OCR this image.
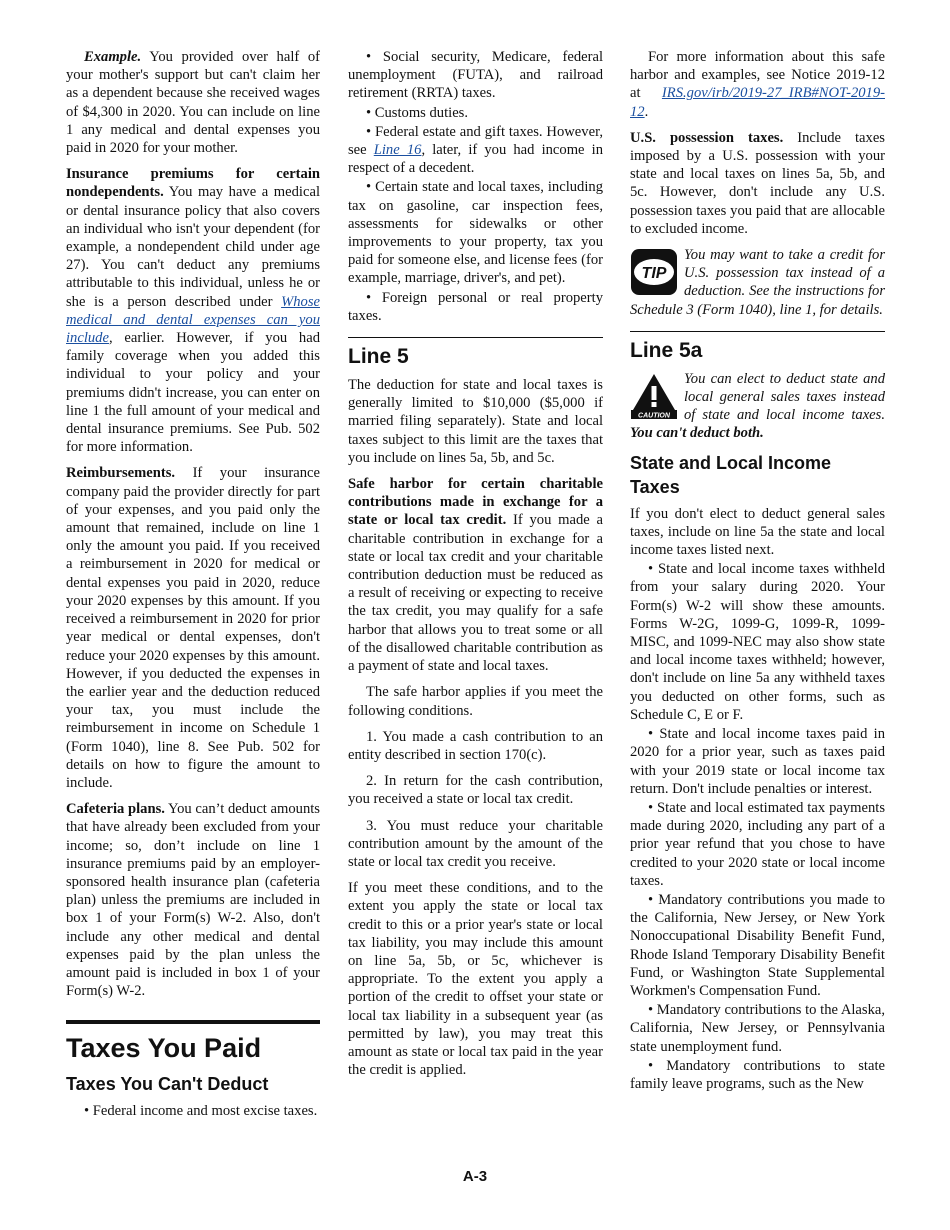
Example. You provided over half of your mother's support but can't claim her as a dependent because she received wages of $4,300 in 2020. You can include on line 1 any medical and dental expenses you paid in 2020 for your mother.

Insurance premiums for certain nondependents. You may have a medical or dental insurance policy that also covers an individual who isn't your dependent (for example, a nondependent child under age 27). You can't deduct any premiums attributable to this individual, unless he or she is a person described under Whose medical and dental expenses can you include, earlier. However, if you had family coverage when you added this individual to your policy and your premiums didn't increase, you can enter on line 1 the full amount of your medical and dental insurance premiums. See Pub. 502 for more information.

Reimbursements. If your insurance company paid the provider directly for part of your expenses, and you paid only the amount that remained, include on line 1 only the amount you paid. If you received a reimbursement in 2020 for medical or dental expenses you paid in 2020, reduce your 2020 expenses by this amount. If you received a reimbursement in 2020 for prior year medical or dental expenses, don't reduce your 2020 expenses by this amount. However, if you deducted the expenses in the earlier year and the deduction reduced your tax, you must include the reimbursement in income on Schedule 1 (Form 1040), line 8. See Pub. 502 for details on how to figure the amount to include.

Cafeteria plans. You can’t deduct amounts that have already been excluded from your income; so, don’t include on line 1 insurance premiums paid by an employer-sponsored health insurance plan (cafeteria plan) unless the premiums are included in box 1 of your Form(s) W-2. Also, don't include any other medical and dental expenses paid by the plan unless the amount paid is included in box 1 of your Form(s) W-2.

Taxes You Paid
Taxes You Can't Deduct

• Federal income and most excise taxes.

• Social security, Medicare, federal unemployment (FUTA), and railroad retirement (RRTA) taxes.

• Customs duties.

• Federal estate and gift taxes. However, see Line 16, later, if you had income in respect of a decedent.

• Certain state and local taxes, including tax on gasoline, car inspection fees, assessments for sidewalks or other improvements to your property, tax you paid for someone else, and license fees (for example, marriage, driver's, and pet).

• Foreign personal or real property taxes.

Line 5

The deduction for state and local taxes is generally limited to $10,000 ($5,000 if married filing separately). State and local taxes subject to this limit are the taxes that you include on lines 5a, 5b, and 5c.

Safe harbor for certain charitable contributions made in exchange for a state or local tax credit. If you made a charitable contribution in exchange for a state or local tax credit and your charitable contribution deduction must be reduced as a result of receiving or expecting to receive the tax credit, you may qualify for a safe harbor that allows you to treat some or all of the disallowed charitable contribution as a payment of state and local taxes.

The safe harbor applies if you meet the following conditions.

1. You made a cash contribution to an entity described in section 170(c).

2. In return for the cash contribution, you received a state or local tax credit.

3. You must reduce your charitable contribution amount by the amount of the state or local tax credit you receive.

If you meet these conditions, and to the extent you apply the state or local tax credit to this or a prior year's state or local tax liability, you may include this amount on line 5a, 5b, or 5c, whichever is appropriate. To the extent you apply a portion of the credit to offset your state or local tax liability in a subsequent year (as permitted by law), you may treat this amount as state or local tax paid in the year the credit is applied.

For more information about this safe harbor and examples, see Notice 2019-12 at IRS.gov/irb/2019-27_IRB#NOT-2019-12.

U.S. possession taxes. Include taxes imposed by a U.S. possession with your state and local taxes on lines 5a, 5b, and 5c. However, don't include any U.S. possession taxes you paid that are allocable to excluded income.

TIP
You may want to take a credit for U.S. possession tax instead of a deduction. See the instructions for Schedule 3 (Form 1040), line 1, for details.
Line 5a
CAUTION
You can elect to deduct state and local general sales taxes instead of state and local income taxes. You can't deduct both.
State and Local Income Taxes

If you don't elect to deduct general sales taxes, include on line 5a the state and local income taxes listed next.

• State and local income taxes withheld from your salary during 2020. Your Form(s) W-2 will show these amounts. Forms W-2G, 1099-G, 1099-R, 1099-MISC, and 1099-NEC may also show state and local income taxes withheld; however, don't include on line 5a any withheld taxes you deducted on other forms, such as Schedule C, E or F.

• State and local income taxes paid in 2020 for a prior year, such as taxes paid with your 2019 state or local income tax return. Don't include penalties or interest.

• State and local estimated tax payments made during 2020, including any part of a prior year refund that you chose to have credited to your 2020 state or local income taxes.

• Mandatory contributions you made to the California, New Jersey, or New York Nonoccupational Disability Benefit Fund, Rhode Island Temporary Disability Benefit Fund, or Washington State Supplemental Workmen's Compensation Fund.

• Mandatory contributions to the Alaska, California, New Jersey, or Pennsylvania state unemployment fund.

• Mandatory contributions to state family leave programs, such as the New

A-3
